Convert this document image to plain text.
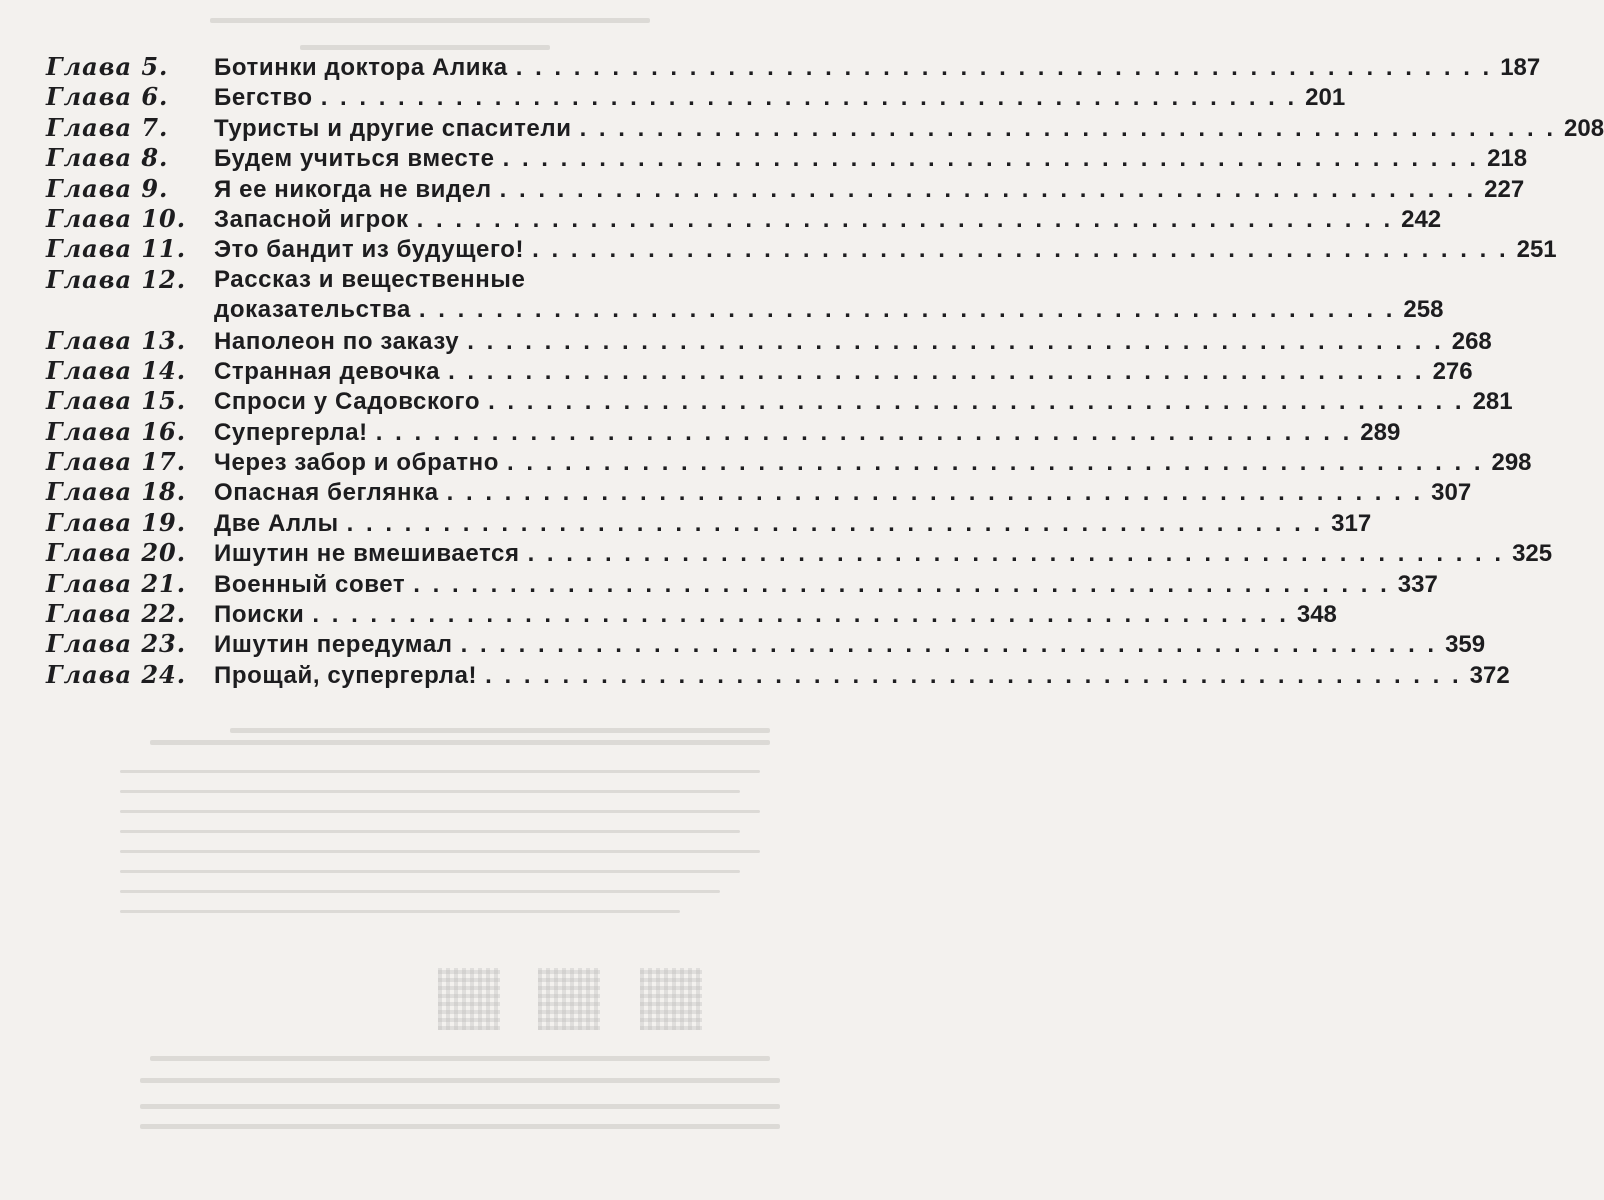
Глава 5.	Ботинки доктора Алика . . .	187
Глава 6.	Бегство . . .	201
Глава 7.	Туристы и другие спасители . . .	208
Глава 8.	Будем учиться вместе . . .	218
Глава 9.	Я ее никогда не видел . . .	227
Глава 10.	Запасной игрок . . .	242
Глава 11.	Это бандит из будущего! . . .	251
Глава 12.	Рассказ и вещественные
доказательства . . .	258
Глава 13.	Наполеон по заказу . . .	268
Глава 14.	Странная девочка . . .	276
Глава 15.	Спроси у Садовского . . .	281
Глава 16.	Супергерла! . . .	289
Глава 17.	Через забор и обратно . . .	298
Глава 18.	Опасная беглянка . . .	307
Глава 19.	Две Аллы . . .	317
Глава 20.	Ишутин не вмешивается . . .	325
Глава 21.	Военный совет . . .	337
Глава 22.	Поиски . . .	348
Глава 23.	Ишутин передумал . . .	359
Глава 24.	Прощай, супергерла! . . .	372
